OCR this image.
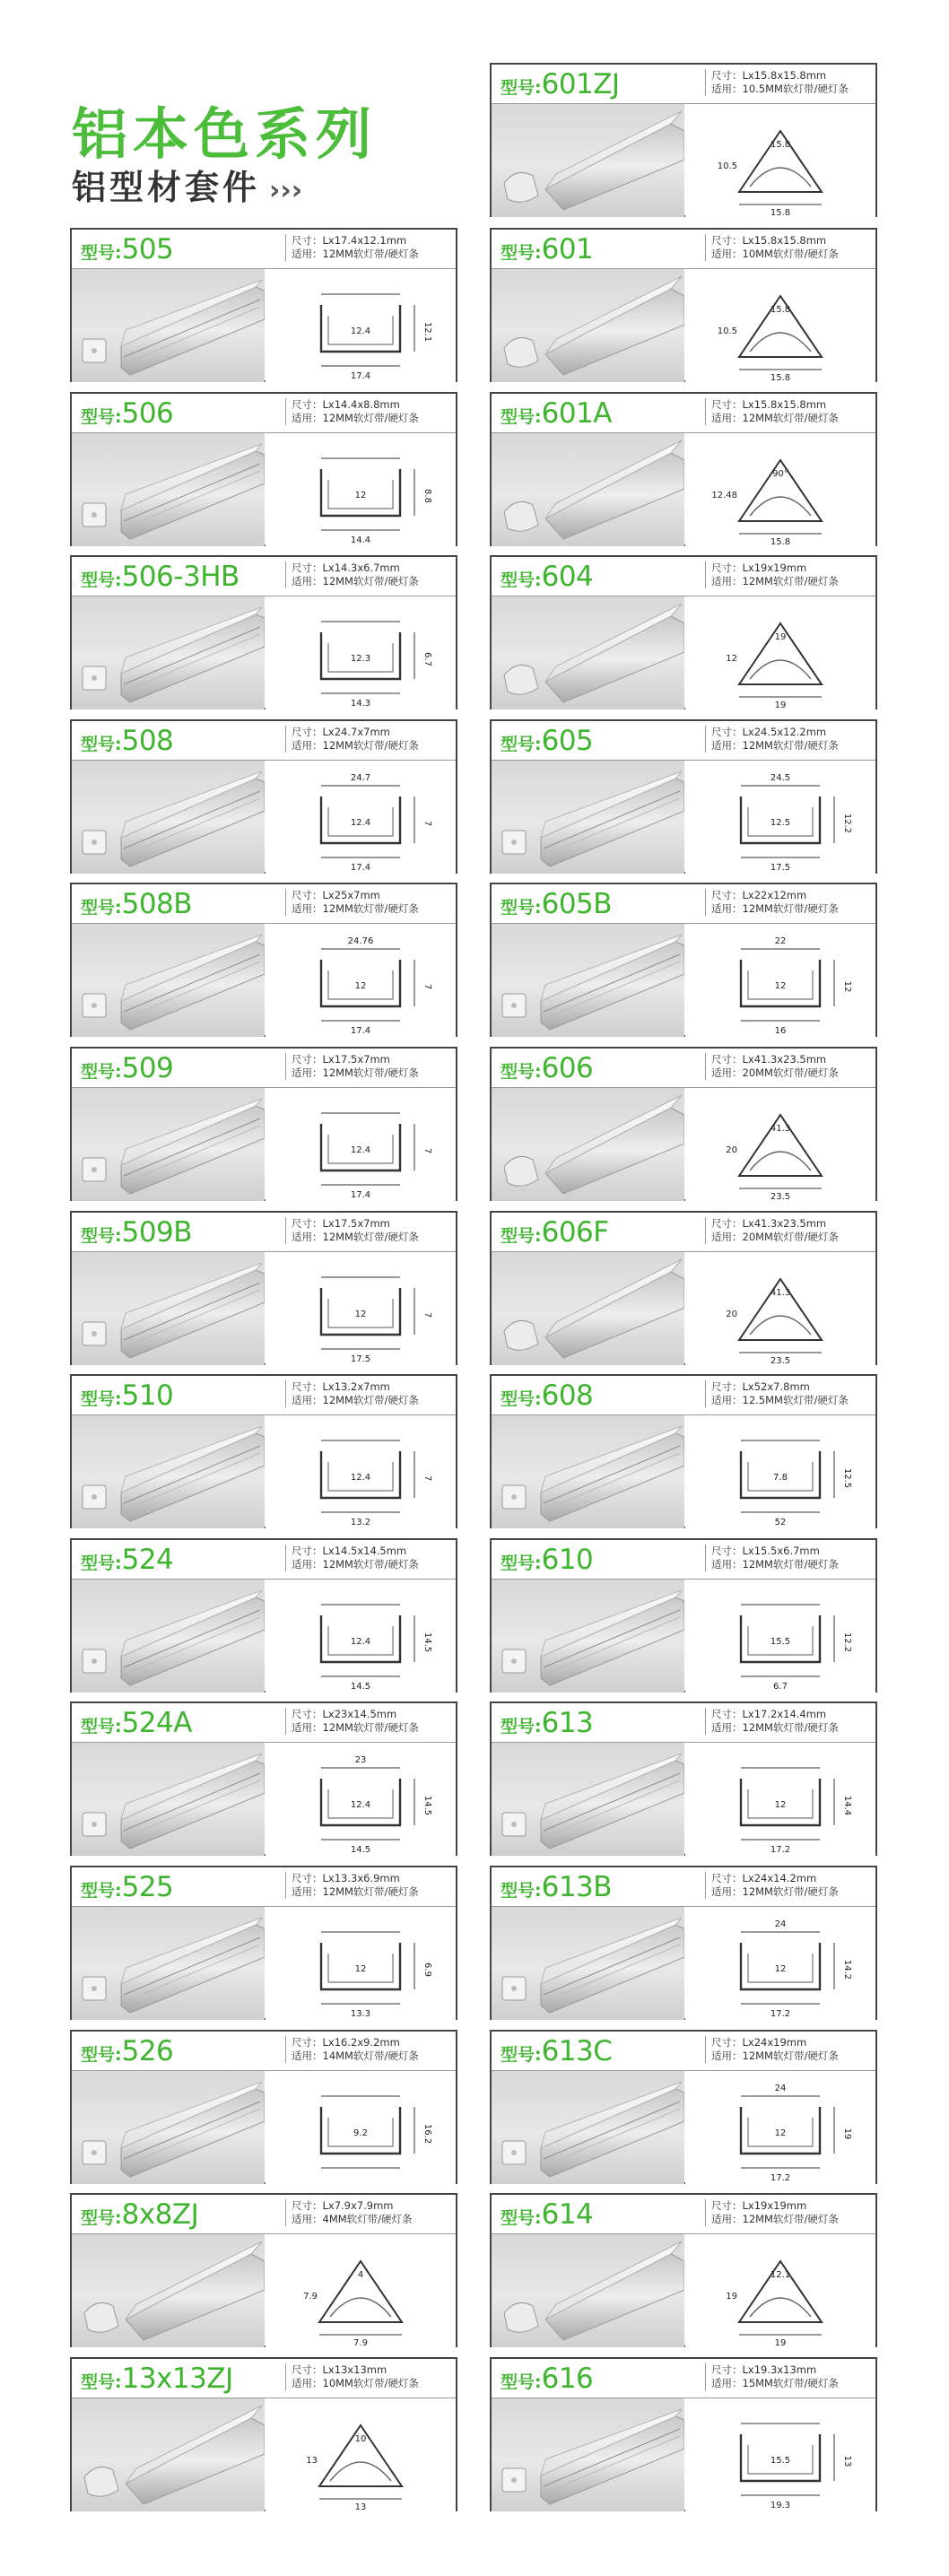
铝本色系列
铝型材套件 ›››
型号:601ZJ	尺寸：Lx15.8x15.8mm
适用：10.5MM软灯带/硬灯条
15.8
10.5
15.8
型号:505	尺寸：Lx17.4x12.1mm
适用：12MM软灯带/硬灯条
12.4	12.1
17.4
型号:601	尺寸：Lx15.8x15.8mm
适用：10MM软灯带/硬灯条
15.8
10.5
15.8
型号:506	尺寸：Lx14.4x8.8mm
适用：12MM软灯带/硬灯条
12	8.8
14.4
型号:601A	尺寸：Lx15.8x15.8mm
适用：12MM软灯带/硬灯条
90°
12.48
15.8
型号:506-3HB	尺寸：Lx14.3x6.7mm
适用：12MM软灯带/硬灯条
12.3	6.7
14.3
型号:604	尺寸：Lx19x19mm
适用：12MM软灯带/硬灯条
19
12
19
型号:508	尺寸：Lx24.7x7mm
适用：12MM软灯带/硬灯条
24.7
12.4	7
17.4
型号:605	尺寸：Lx24.5x12.2mm
适用：12MM软灯带/硬灯条
24.5
12.5	12.2
17.5
型号:508B	尺寸：Lx25x7mm
适用：12MM软灯带/硬灯条
24.76
12	7
17.4
型号:605B	尺寸：Lx22x12mm
适用：12MM软灯带/硬灯条
22
12	12
16
型号:509	尺寸：Lx17.5x7mm
适用：12MM软灯带/硬灯条
12.4	7
17.4
型号:606	尺寸：Lx41.3x23.5mm
适用：20MM软灯带/硬灯条
41.3
20
23.5
型号:509B	尺寸：Lx17.5x7mm
适用：12MM软灯带/硬灯条
12	7
17.5
型号:606F	尺寸：Lx41.3x23.5mm
适用：20MM软灯带/硬灯条
41.3
20
23.5
型号:510	尺寸：Lx13.2x7mm
适用：12MM软灯带/硬灯条
12.4	7
13.2
型号:608	尺寸：Lx52x7.8mm
适用：12.5MM软灯带/硬灯条
7.8	12.5
52
型号:524	尺寸：Lx14.5x14.5mm
适用：12MM软灯带/硬灯条
12.4	14.5
14.5
型号:610	尺寸：Lx15.5x6.7mm
适用：12MM软灯带/硬灯条
15.5	12.2
6.7
型号:524A	尺寸：Lx23x14.5mm
适用：12MM软灯带/硬灯条
23
12.4	14.5
14.5
型号:613	尺寸：Lx17.2x14.4mm
适用：12MM软灯带/硬灯条
12	14.4
17.2
型号:525	尺寸：Lx13.3x6.9mm
适用：12MM软灯带/硬灯条
12	6.9
13.3
型号:613B	尺寸：Lx24x14.2mm
适用：12MM软灯带/硬灯条
24
12	14.2
17.2
型号:526	尺寸：Lx16.2x9.2mm
适用：14MM软灯带/硬灯条
9.2	16.2
型号:613C	尺寸：Lx24x19mm
适用：12MM软灯带/硬灯条
24
12	19
17.2
型号:8x8ZJ	尺寸：Lx7.9x7.9mm
适用：4MM软灯带/硬灯条
4
7.9
7.9
型号:614	尺寸：Lx19x19mm
适用：12MM软灯带/硬灯条
12.1
19
19
型号:13x13ZJ	尺寸：Lx13x13mm
适用：10MM软灯带/硬灯条
10
13
13
型号:616	尺寸：Lx19.3x13mm
适用：15MM软灯带/硬灯条
15.5	13
19.3
